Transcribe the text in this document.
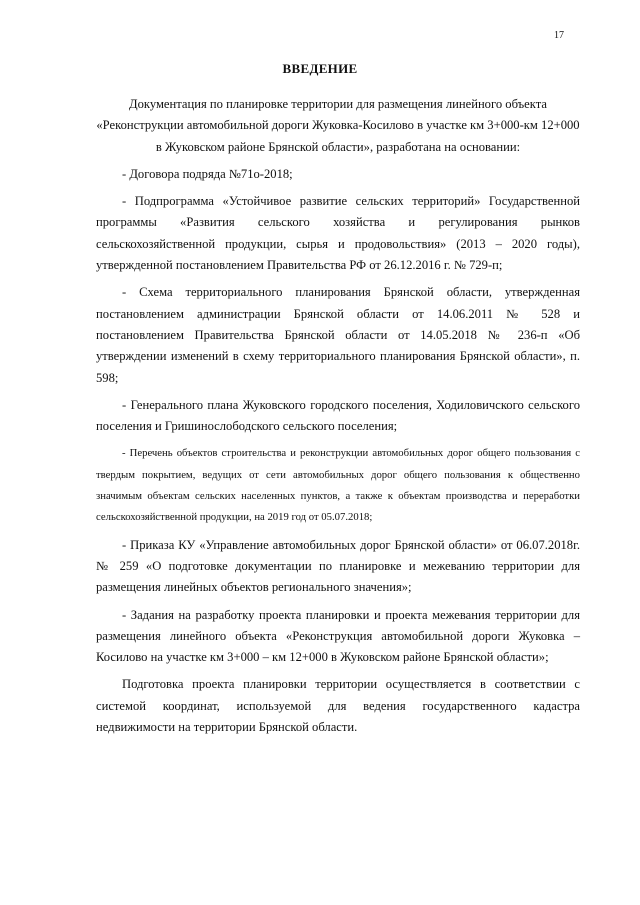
17
ВВЕДЕНИЕ

Документация по планировке территории для размещения линейного объекта «Реконструкции автомобильной дороги Жуковка-Косилово в участке км 3+000-км 12+000 в Жуковском районе Брянской области», разработана на основании:

- Договора подряда №71о-2018;

- Подпрограмма «Устойчивое развитие сельских территорий» Государственной программы «Развития сельского хозяйства и регулирования рынков сельскохозяйственной продукции, сырья и продовольствия» (2013 – 2020 годы), утвержденной постановлением Правительства РФ от 26.12.2016 г. № 729-п;

- Схема территориального планирования Брянской области, утвержденная постановлением администрации Брянской области от 14.06.2011 № 528 и постановлением Правительства Брянской области от 14.05.2018 № 236-п «Об утверждении изменений в схему территориального планирования Брянской области», п. 598;

- Генерального плана Жуковского городского поселения, Ходиловичского сельского поселения и Гришинослободского сельского поселения;

- Перечень объектов строительства и реконструкции автомобильных дорог общего пользования с твердым покрытием, ведущих от сети автомобильных дорог общего пользования к общественно значимым объектам сельских населенных пунктов, а также к объектам производства и переработки сельскохозяйственной продукции, на 2019 год от 05.07.2018;

- Приказа КУ «Управление автомобильных дорог Брянской области» от 06.07.2018г. № 259 «О подготовке документации по планировке и межеванию территории для размещения линейных объектов регионального значения»;

- Задания на разработку проекта планировки и проекта межевания территории для размещения линейного объекта «Реконструкция автомобильной дороги Жуковка – Косилово на участке км 3+000 – км 12+000 в Жуковском районе Брянской области»;

Подготовка проекта планировки территории осуществляется в соответствии с системой координат, используемой для ведения государственного кадастра недвижимости на территории Брянской области.
